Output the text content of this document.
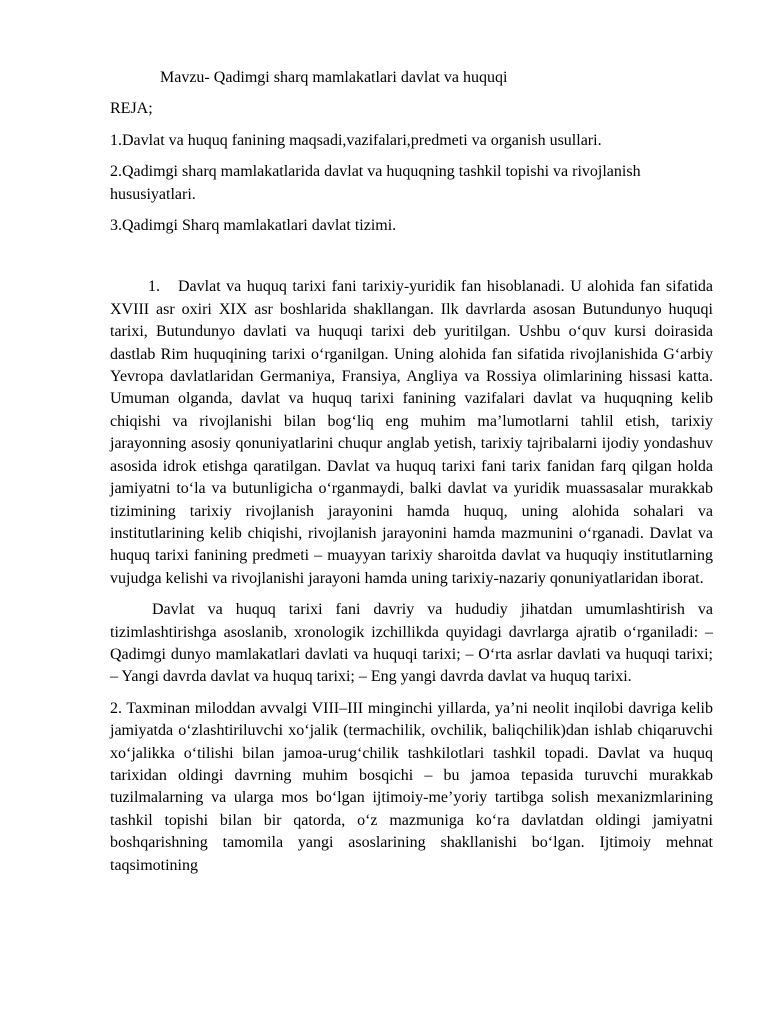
Mavzu- Qadimgi sharq mamlakatlari davlat va huquqi

REJA;

1.Davlat va huquq fanining maqsadi,vazifalari,predmeti va organish usullari.

2.Qadimgi sharq mamlakatlarida davlat va huquqning tashkil topishi va rivojlanish hususiyatlari.

3.Qadimgi Sharq mamlakatlari davlat tizimi.

1. Davlat va huquq tarixi fani tarixiy-yuridik fan hisoblanadi. U alohida fan sifatida XVIII asr oxiri XIX asr boshlarida shakllangan. Ilk davrlarda asosan Butundunyo huquqi tarixi, Butundunyo davlati va huquqi tarixi deb yuritilgan. Ushbu o‘quv kursi doirasida dastlab Rim huquqining tarixi o‘rganilgan. Uning alohida fan sifatida rivojlanishida G‘arbiy Yevropa davlatlaridan Germaniya, Fransiya, Angliya va Rossiya olimlarining hissasi katta. Umuman olganda, davlat va huquq tarixi fanining vazifalari davlat va huquqning kelib chiqishi va rivojlanishi bilan bog‘liq eng muhim ma’lumotlarni tahlil etish, tarixiy jarayonning asosiy qonuniyatlarini chuqur anglab yetish, tarixiy tajribalarni ijodiy yondashuv asosida idrok etishga qaratilgan. Davlat va huquq tarixi fani tarix fanidan farq qilgan holda jamiyatni to‘la va butunligicha o‘rganmaydi, balki davlat va yuridik muassasalar murakkab tizimining tarixiy rivojlanish jarayonini hamda huquq, uning alohida sohalari va institutlarining kelib chiqishi, rivojlanish jarayonini hamda mazmunini o‘rganadi. Davlat va huquq tarixi fanining predmeti – muayyan tarixiy sharoitda davlat va huquqiy institutlarning vujudga kelishi va rivojlanishi jarayoni hamda uning tarixiy-nazariy qonuniyatlaridan iborat.

Davlat va huquq tarixi fani davriy va hududiy jihatdan umumlashtirish va tizimlashtirishga asoslanib, xronologik izchillikda quyidagi davrlarga ajratib o‘rganiladi: – Qadimgi dunyo mamlakatlari davlati va huquqi tarixi; – O‘rta asrlar davlati va huquqi tarixi; – Yangi davrda davlat va huquq tarixi; – Eng yangi davrda davlat va huquq tarixi.

2. Taxminan miloddan avvalgi VIII–III minginchi yillarda, ya’ni neolit inqilobi davriga kelib jamiyatda o‘zlashtiriluvchi xo‘jalik (termachilik, ovchilik, baliqchilik)dan ishlab chiqaruvchi xo‘jalikka o‘tilishi bilan jamoa-urug‘chilik tashkilotlari tashkil topadi. Davlat va huquq tarixidan oldingi davrning muhim bosqichi – bu jamoa tepasida turuvchi murakkab tuzilmalarning va ularga mos bo‘lgan ijtimoiy-me’yoriy tartibga solish mexanizmlarining tashkil topishi bilan bir qatorda, o‘z mazmuniga ko‘ra davlatdan oldingi jamiyatni boshqarishning tamomila yangi asoslarining shakllanishi bo‘lgan. Ijtimoiy mehnat taqsimotining
